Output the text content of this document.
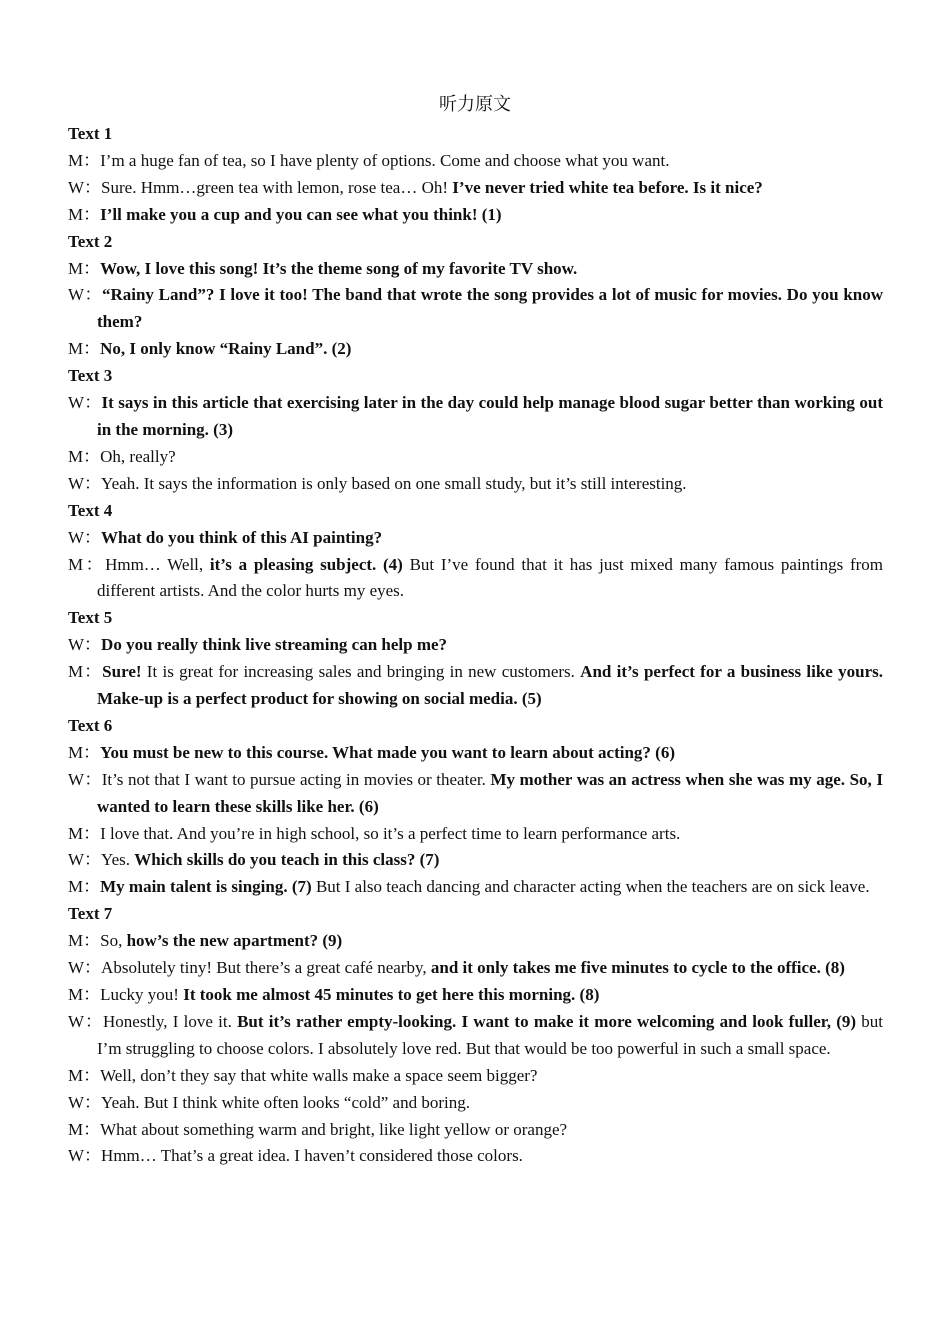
听力原文
Text 1
M：I’m a huge fan of tea, so I have plenty of options. Come and choose what you want.
W：Sure. Hmm…green tea with lemon, rose tea… Oh! I’ve never tried white tea before. Is it nice?
M：I’ll make you a cup and you can see what you think! (1)
Text 2
M：Wow, I love this song! It’s the theme song of my favorite TV show.
W：“Rainy Land”? I love it too! The band that wrote the song provides a lot of music for movies. Do you know them?
M：No, I only know “Rainy Land”. (2)
Text 3
W：It says in this article that exercising later in the day could help manage blood sugar better than working out in the morning. (3)
M：Oh, really?
W：Yeah. It says the information is only based on one small study, but it’s still interesting.
Text 4
W：What do you think of this AI painting?
M：Hmm… Well, it’s a pleasing subject. (4) But I’ve found that it has just mixed many famous paintings from different artists. And the color hurts my eyes.
Text 5
W：Do you really think live streaming can help me?
M：Sure! It is great for increasing sales and bringing in new customers. And it’s perfect for a business like yours. Make-up is a perfect product for showing on social media. (5)
Text 6
M：You must be new to this course. What made you want to learn about acting? (6)
W：It’s not that I want to pursue acting in movies or theater. My mother was an actress when she was my age. So, I wanted to learn these skills like her. (6)
M：I love that. And you’re in high school, so it’s a perfect time to learn performance arts.
W：Yes. Which skills do you teach in this class? (7)
M：My main talent is singing. (7) But I also teach dancing and character acting when the teachers are on sick leave.
Text 7
M：So, how’s the new apartment? (9)
W：Absolutely tiny! But there’s a great café nearby, and it only takes me five minutes to cycle to the office. (8)
M：Lucky you! It took me almost 45 minutes to get here this morning. (8)
W：Honestly, I love it. But it’s rather empty-looking. I want to make it more welcoming and look fuller, (9) but I’m struggling to choose colors. I absolutely love red. But that would be too powerful in such a small space.
M：Well, don’t they say that white walls make a space seem bigger?
W：Yeah. But I think white often looks “cold” and boring.
M：What about something warm and bright, like light yellow or orange?
W：Hmm… That’s a great idea. I haven’t considered those colors.
